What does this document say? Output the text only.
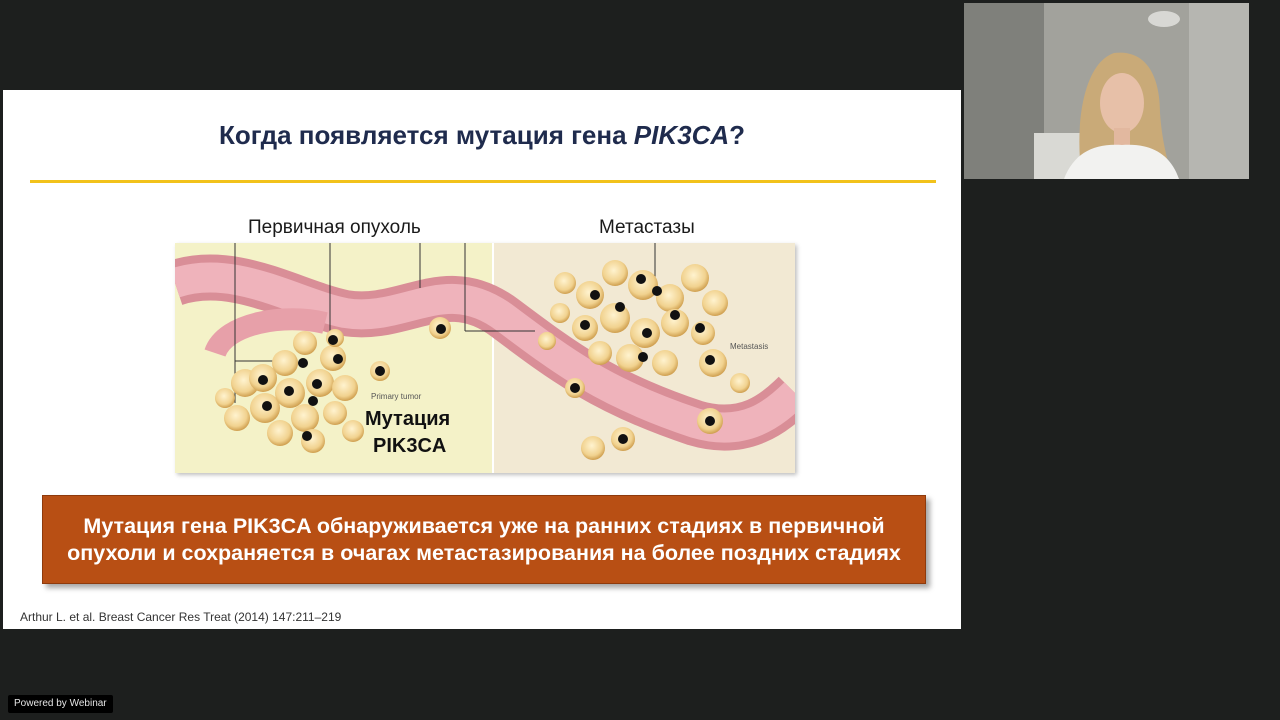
Когда появляется мутация гена PIK3CA?
Первичная опухоль	Метастазы
Primary tumor
Мутация
PIK3CA
Metastasis
Мутация гена PIK3CA обнаруживается уже на ранних стадиях в первичной опухоли и сохраняется в очагах метастазирования на более поздних стадиях
Arthur L. et al. Breast Cancer Res Treat (2014) 147:211–219
Powered by Webinar
